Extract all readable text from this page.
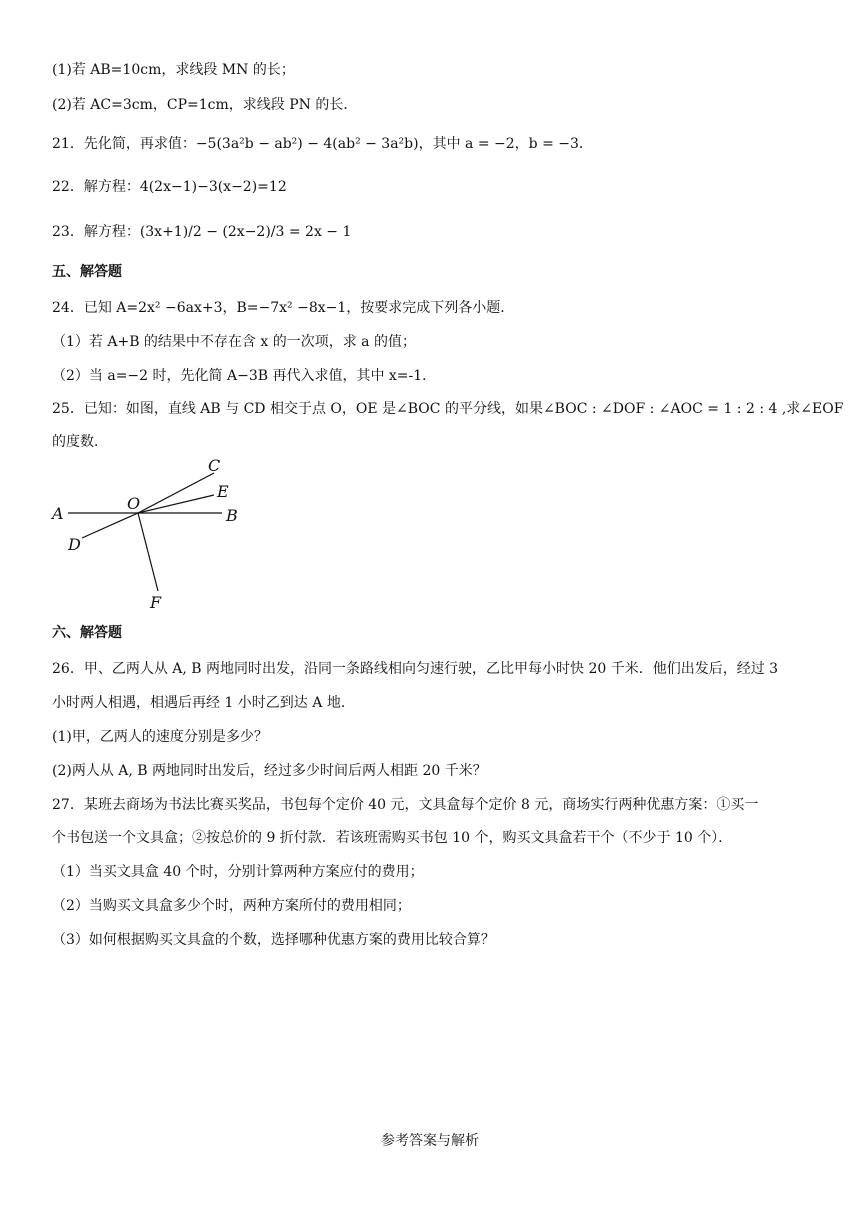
(1)若 AB=10cm，求线段 MN 的长；
(2)若 AC=3cm，CP=1cm，求线段 PN 的长．
21．先化简，再求值：−5(3a²b − ab²) − 4(ab² − 3a²b)，其中 a = −2，b = −3．
22．解方程：4(2x−1)−3(x−2)=12
23．解方程：(3x+1)/2 − (2x−2)/3 = 2x − 1
五、解答题
24．已知 A=2x² −6ax+3，B=−7x² −8x−1，按要求完成下列各小题．
（1）若 A+B 的结果中不存在含 x 的一次项，求 a 的值；
（2）当 a=−2 时，先化简 A−3B 再代入求值，其中 x=-1．
25．已知：如图，直线 AB 与 CD 相交于点 O，OE 是∠BOC 的平分线，如果∠BOC : ∠DOF : ∠AOC = 1 : 2 : 4 ,求∠EOF
的度数．
A	B
C
D
E
F
O
六、解答题
26．甲、乙两人从 A, B 两地同时出发，沿同一条路线相向匀速行驶，乙比甲每小时快 20 千米．他们出发后，经过 3
小时两人相遇，相遇后再经 1 小时乙到达 A 地．
(1)甲，乙两人的速度分别是多少？
(2)两人从 A, B 两地同时出发后，经过多少时间后两人相距 20 千米？
27．某班去商场为书法比赛买奖品，书包每个定价 40 元，文具盒每个定价 8 元，商场实行两种优惠方案：①买一
个书包送一个文具盒；②按总价的 9 折付款．若该班需购买书包 10 个，购买文具盒若干个（不少于 10 个）．
（1）当买文具盒 40 个时，分别计算两种方案应付的费用；
（2）当购买文具盒多少个时，两种方案所付的费用相同；
（3）如何根据购买文具盒的个数，选择哪种优惠方案的费用比较合算？
参考答案与解析
